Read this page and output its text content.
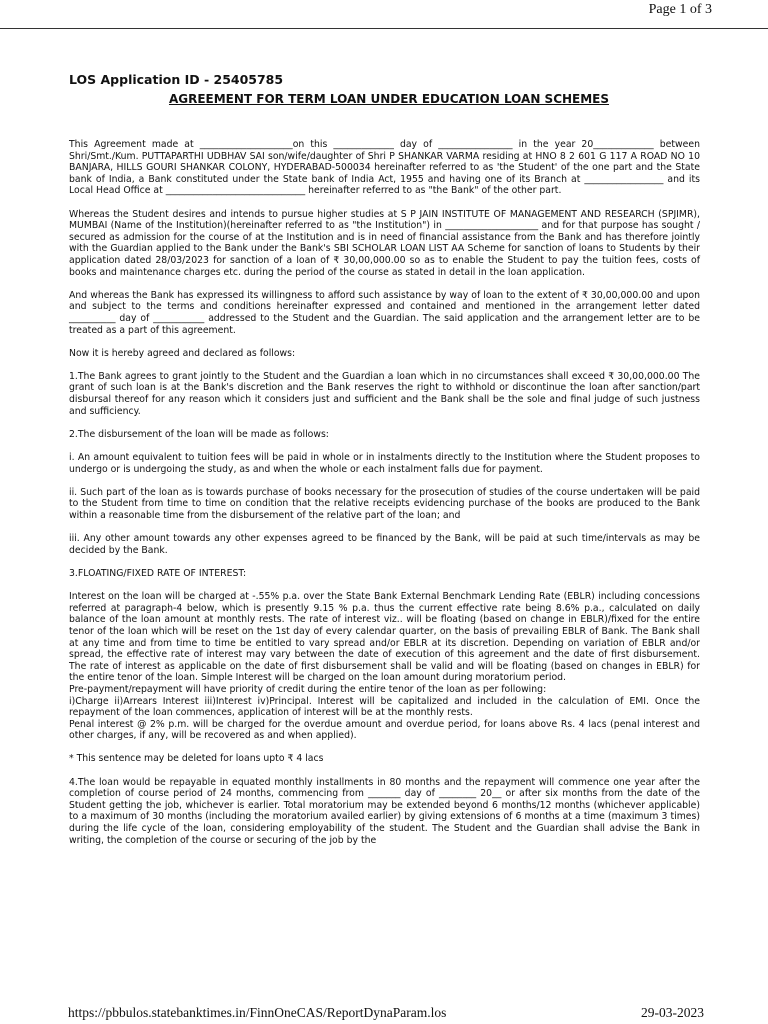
Page 1 of 3

LOS Application ID - 25405785

AGREEMENT FOR TERM LOAN UNDER EDUCATION LOAN SCHEMES

This Agreement made at ____________________on this _____________ day of ________________ in the year 20_____________ between Shri/Smt./Kum. PUTTAPARTHI UDBHAV SAI son/wife/daughter of Shri P SHANKAR VARMA residing at HNO 8 2 601 G 117 A ROAD NO 10 BANJARA, HILLS GOURI SHANKAR COLONY, HYDERABAD-500034 hereinafter referred to as 'the Student' of the one part and the State bank of India, a Bank constituted under the State bank of India Act, 1955 and having one of its Branch at _________________ and its Local Head Office at ______________________________ hereinafter referred to as "the Bank" of the other part.

Whereas the Student desires and intends to pursue higher studies at S P JAIN INSTITUTE OF MANAGEMENT AND RESEARCH (SPJIMR), MUMBAI (Name of the Institution)(hereinafter referred to as "the Institution") in ____________________ and for that purpose has sought / secured as admission for the course of at the Institution and is in need of financial assistance from the Bank and has therefore jointly with the Guardian applied to the Bank under the Bank's SBI SCHOLAR LOAN LIST AA Scheme for sanction of loans to Students by their application dated 28/03/2023 for sanction of a loan of ₹ 30,00,000.00 so as to enable the Student to pay the tuition fees, costs of books and maintenance charges etc. during the period of the course as stated in detail in the loan application.

And whereas the Bank has expressed its willingness to afford such assistance by way of loan to the extent of ₹ 30,00,000.00 and upon and subject to the terms and conditions hereinafter expressed and contained and mentioned in the arrangement letter dated __________ day of ___________ addressed to the Student and the Guardian. The said application and the arrangement letter are to be treated as a part of this agreement.

Now it is hereby agreed and declared as follows:

1.The Bank agrees to grant jointly to the Student and the Guardian a loan which in no circumstances shall exceed ₹ 30,00,000.00 The grant of such loan is at the Bank's discretion and the Bank reserves the right to withhold or discontinue the loan after sanction/part disbursal thereof for any reason which it considers just and sufficient and the Bank shall be the sole and final judge of such justness and sufficiency.

2.The disbursement of the loan will be made as follows:

i. An amount equivalent to tuition fees will be paid in whole or in instalments directly to the Institution where the Student proposes to undergo or is undergoing the study, as and when the whole or each instalment falls due for payment.

ii. Such part of the loan as is towards purchase of books necessary for the prosecution of studies of the course undertaken will be paid to the Student from time to time on condition that the relative receipts evidencing purchase of the books are produced to the Bank within a reasonable time from the disbursement of the relative part of the loan; and

iii. Any other amount towards any other expenses agreed to be financed by the Bank, will be paid at such time/intervals as may be decided by the Bank.

3.FLOATING/FIXED RATE OF INTEREST:

Interest on the loan will be charged at -.55% p.a. over the State Bank External Benchmark Lending Rate (EBLR) including concessions referred at paragraph-4 below, which is presently 9.15 % p.a. thus the current effective rate being 8.6% p.a., calculated on daily balance of the loan amount at monthly rests. The rate of interest viz.. will be floating (based on change in EBLR)/fixed for the entire tenor of the loan which will be reset on the 1st day of every calendar quarter, on the basis of prevailing EBLR of Bank. The Bank shall at any time and from time to time be entitled to vary spread and/or EBLR at its discretion. Depending on variation of EBLR and/or spread, the effective rate of interest may vary between the date of execution of this agreement and the date of first disbursement. The rate of interest as applicable on the date of first disbursement shall be valid and will be floating (based on changes in EBLR) for the entire tenor of the loan. Simple Interest will be charged on the loan amount during moratorium period.

Pre-payment/repayment will have priority of credit during the entire tenor of the loan as per following:

i)Charge ii)Arrears Interest iii)Interest iv)Principal. Interest will be capitalized and included in the calculation of EMI. Once the repayment of the loan commences, application of interest will be at the monthly rests.

Penal interest @ 2% p.m. will be charged for the overdue amount and overdue period, for loans above Rs. 4 lacs (penal interest and other charges, if any, will be recovered as and when applied).

* This sentence may be deleted for loans upto ₹ 4 lacs

4.The loan would be repayable in equated monthly installments in 80 months and the repayment will commence one year after the completion of course period of 24 months, commencing from _______ day of ________ 20__ or after six months from the date of the Student getting the job, whichever is earlier. Total moratorium may be extended beyond 6 months/12 months (whichever applicable) to a maximum of 30 months (including the moratorium availed earlier) by giving extensions of 6 months at a time (maximum 3 times) during the life cycle of the loan, considering employability of the student. The Student and the Guardian shall advise the Bank in writing, the completion of the course or securing of the job by the

https://pbbulos.statebanktimes.in/FinnOneCAS/ReportDynaParam.los	29-03-2023
